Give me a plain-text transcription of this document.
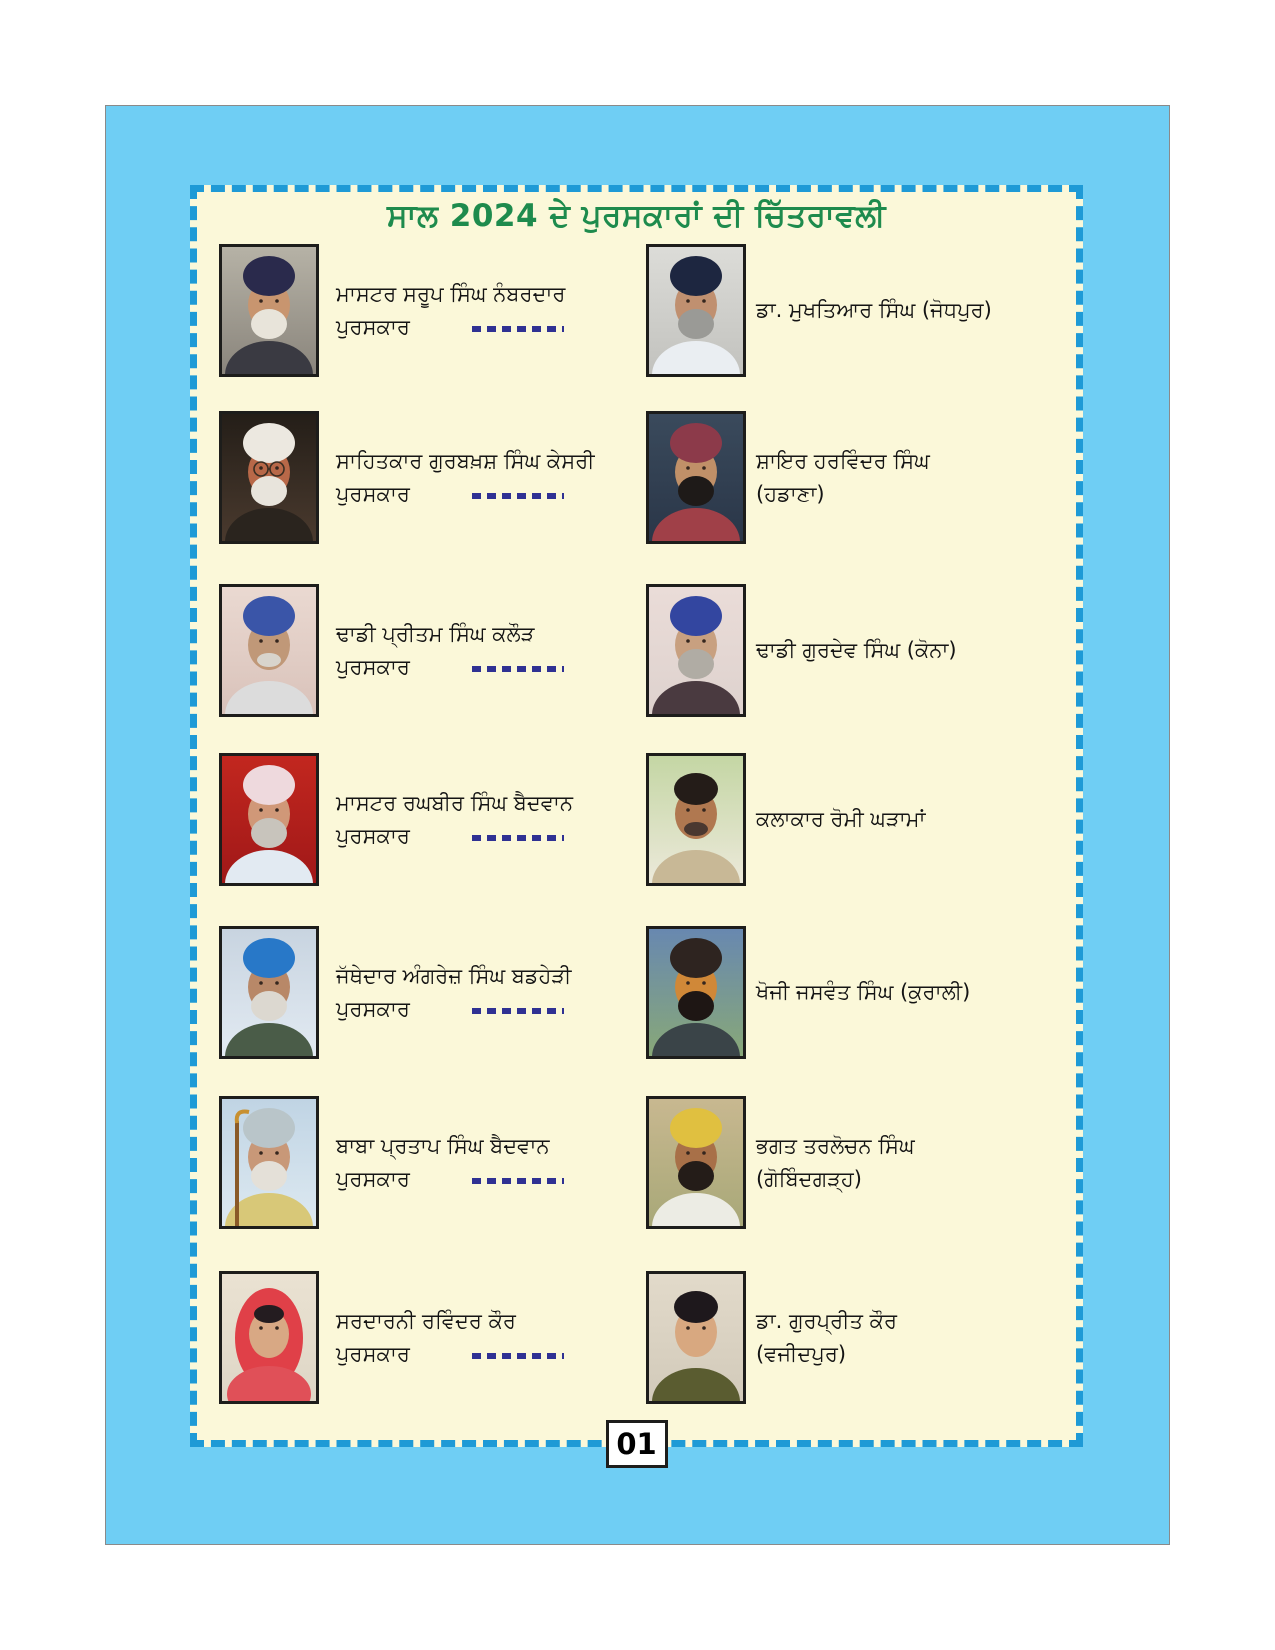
ਸਾਲ 2024 ਦੇ ਪੁਰਸਕਾਰਾਂ ਦੀ ਚਿੱਤਰਾਵਲੀ
01
ਮਾਸਟਰ ਸਰੂਪ ਸਿੰਘ ਨੰਬਰਦਾਰ
ਪੁਰਸਕਾਰ
ਡਾ. ਮੁਖਤਿਆਰ ਸਿੰਘ (ਜੋਧਪੁਰ)
ਸਾਹਿਤਕਾਰ ਗੁਰਬਖ਼ਸ਼ ਸਿੰਘ ਕੇਸਰੀ
ਪੁਰਸਕਾਰ
ਸ਼ਾਇਰ ਹਰਵਿੰਦਰ ਸਿੰਘ
(ਹਡਾਣਾ)
ਢਾਡੀ ਪ੍ਰੀਤਮ ਸਿੰਘ ਕਲੌੜ
ਪੁਰਸਕਾਰ
ਢਾਡੀ ਗੁਰਦੇਵ ਸਿੰਘ (ਕੋਨਾ)
ਮਾਸਟਰ ਰਘਬੀਰ ਸਿੰਘ ਬੈਦਵਾਨ
ਪੁਰਸਕਾਰ
ਕਲਾਕਾਰ ਰੋਮੀ ਘੜਾਮਾਂ
ਜੱਥੇਦਾਰ ਅੰਗਰੇਜ਼ ਸਿੰਘ ਬਡਹੇੜੀ
ਪੁਰਸਕਾਰ
ਖੋਜੀ ਜਸਵੰਤ ਸਿੰਘ (ਕੁਰਾਲੀ)
ਬਾਬਾ ਪ੍ਰਤਾਪ ਸਿੰਘ ਬੈਦਵਾਨ
ਪੁਰਸਕਾਰ
ਭਗਤ ਤਰਲੋਚਨ ਸਿੰਘ
(ਗੋਬਿੰਦਗੜ੍ਹ)
ਸਰਦਾਰਨੀ ਰਵਿੰਦਰ ਕੌਰ
ਪੁਰਸਕਾਰ
ਡਾ. ਗੁਰਪ੍ਰੀਤ ਕੌਰ
(ਵਜੀਦਪੁਰ)
